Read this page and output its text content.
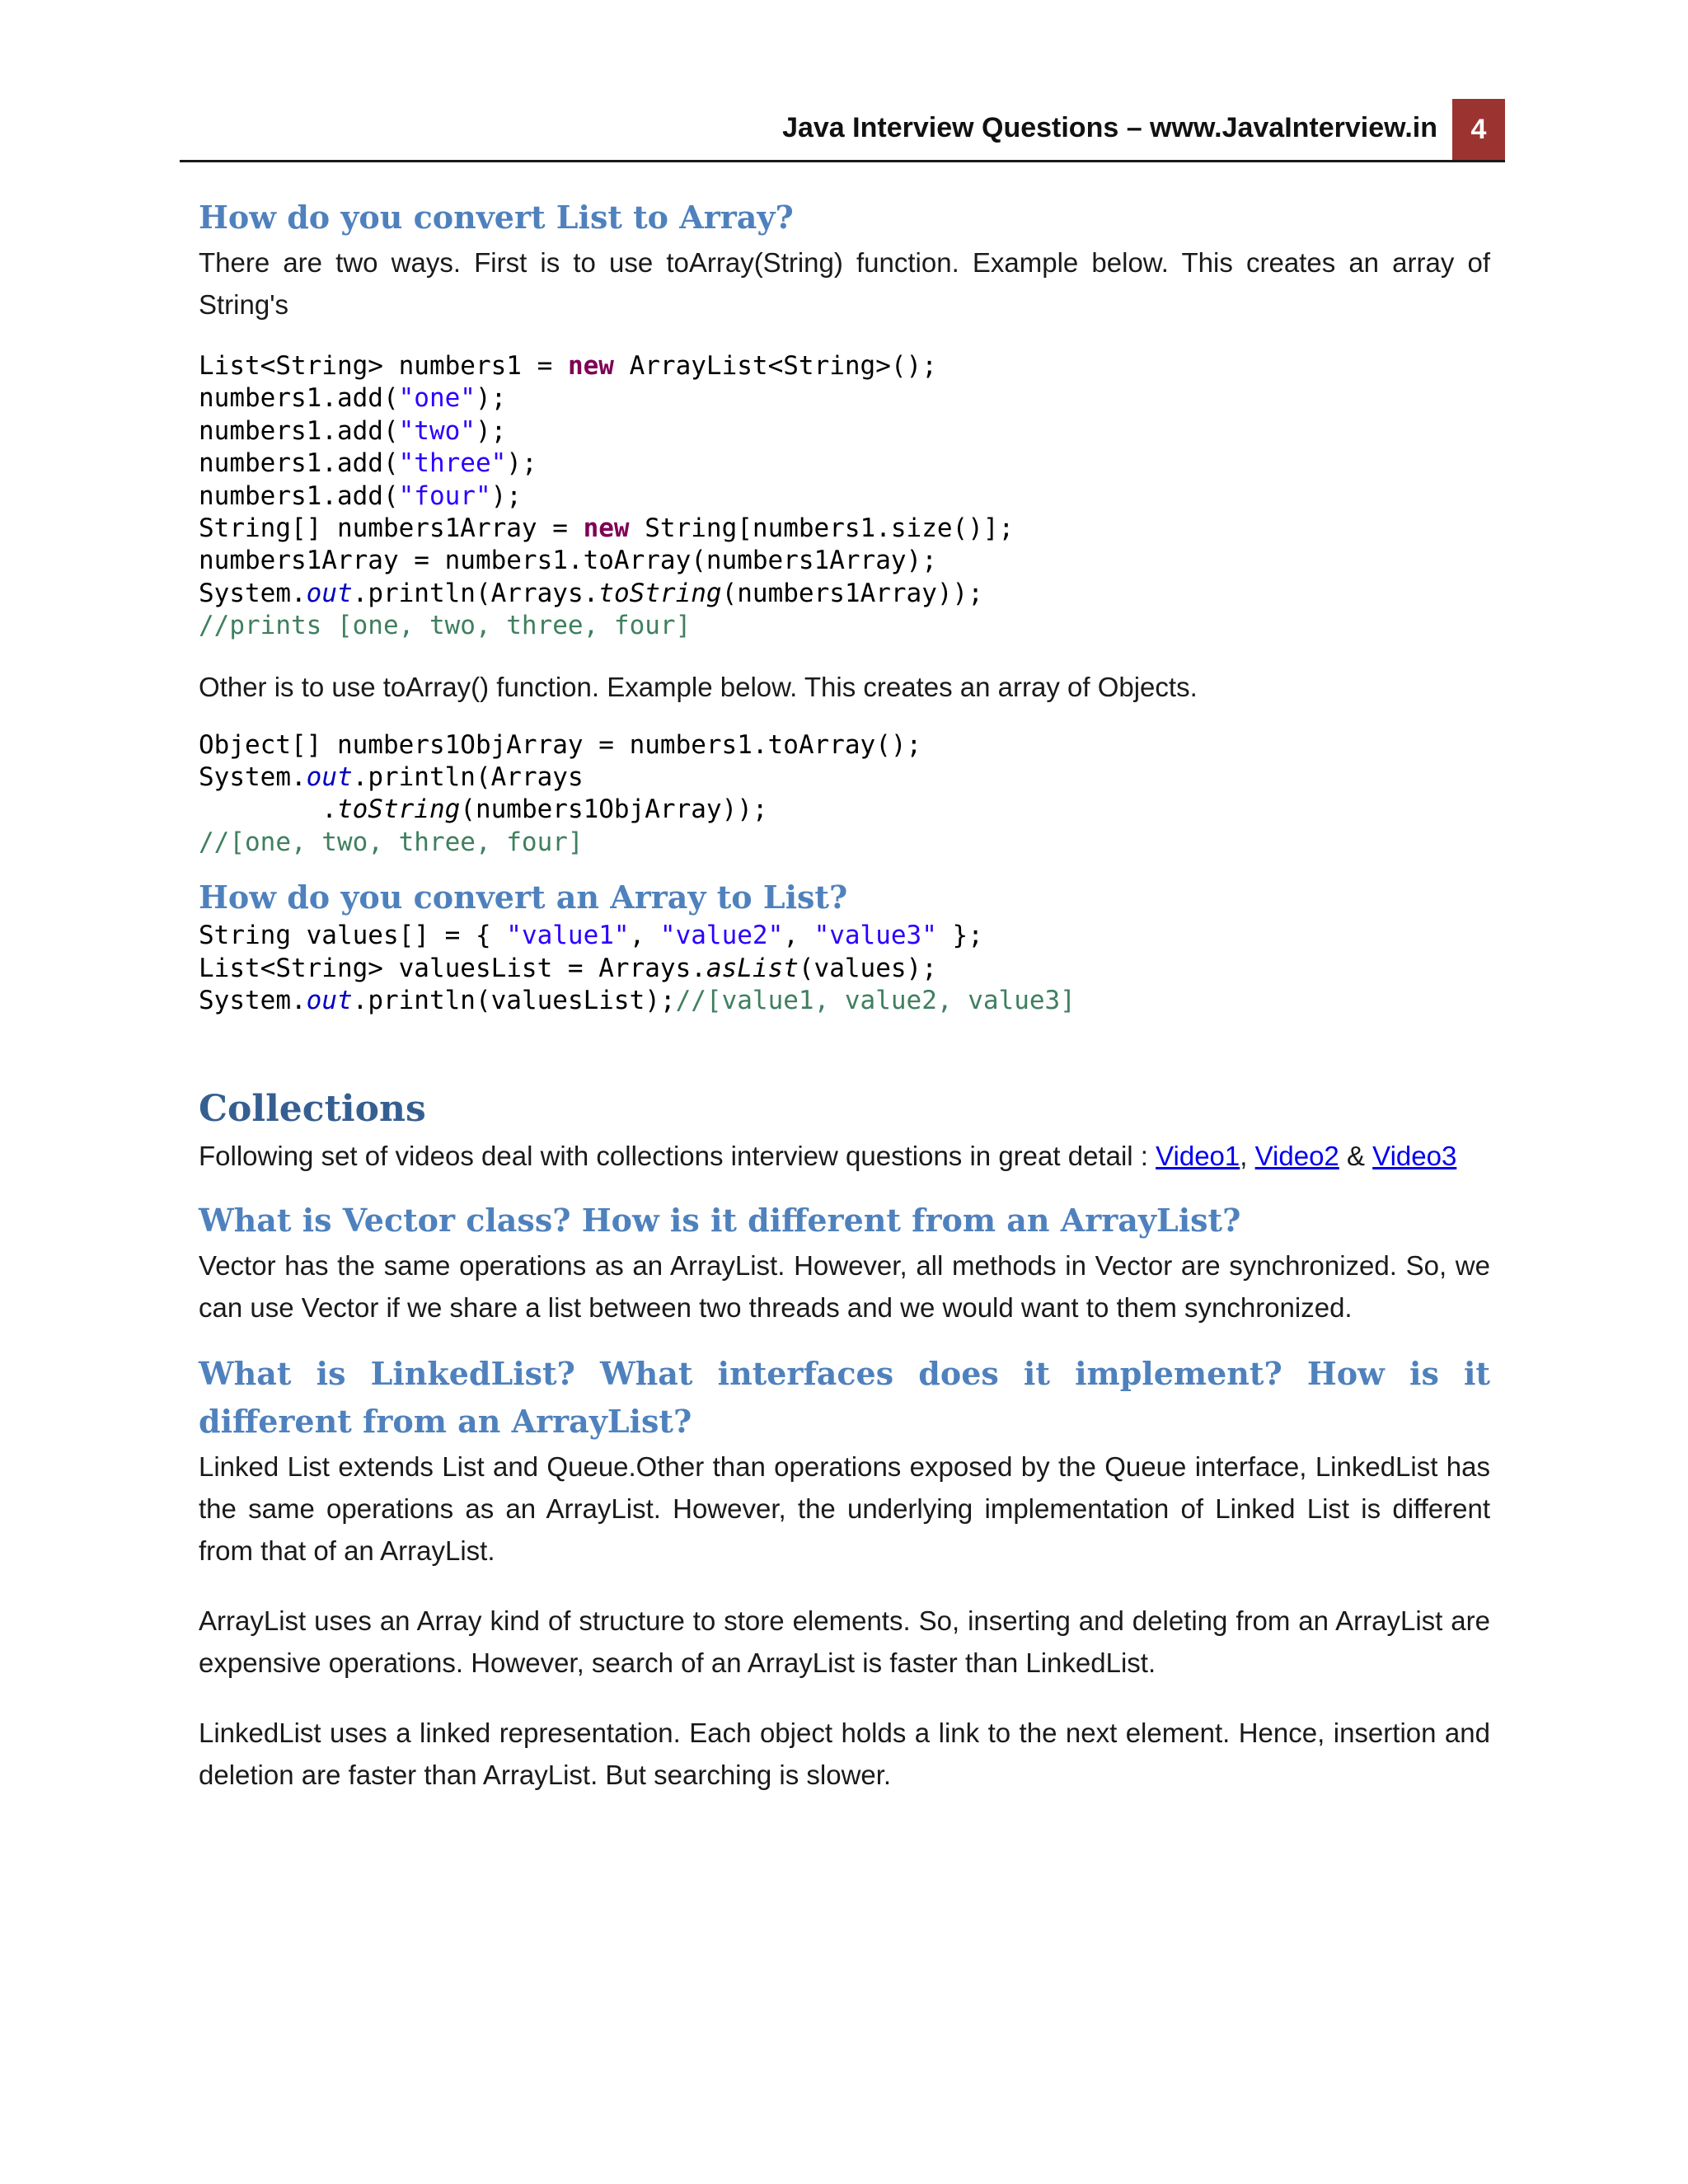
Java Interview Questions – www.JavaInterview.in	4
How do you convert List to Array?

There are two ways. First is to use toArray(String) function. Example below. This creates an array of String's

List<String> numbers1 = new ArrayList<String>();
numbers1.add("one");
numbers1.add("two");
numbers1.add("three");
numbers1.add("four");
String[] numbers1Array = new String[numbers1.size()];
numbers1Array = numbers1.toArray(numbers1Array);
System.out.println(Arrays.toString(numbers1Array));
//prints [one, two, three, four]

Other is to use toArray() function. Example below. This creates an array of Objects.

Object[] numbers1ObjArray = numbers1.toArray();
System.out.println(Arrays
.toString(numbers1ObjArray));
//[one, two, three, four]
How do you convert an Array to List?
String values[] = { "value1", "value2", "value3" };
List<String> valuesList = Arrays.asList(values);
System.out.println(valuesList);//[value1, value2, value3]
Collections

Following set of videos deal with collections interview questions in great detail : Video1, Video2 & Video3

What is Vector class? How is it different from an ArrayList?

Vector has the same operations as an ArrayList. However, all methods in Vector are synchronized. So, we can use Vector if we share a list between two threads and we would want to them synchronized.

What is LinkedList? What interfaces does it implement? How is it different from an ArrayList?

Linked List extends List and Queue.Other than operations exposed by the Queue interface, LinkedList has the same operations as an ArrayList. However, the underlying implementation of Linked List is different from that of an ArrayList.

ArrayList uses an Array kind of structure to store elements. So, inserting and deleting from an ArrayList are expensive operations. However, search of an ArrayList is faster than LinkedList.

LinkedList uses a linked representation. Each object holds a link to the next element. Hence, insertion and deletion are faster than ArrayList. But searching is slower.
